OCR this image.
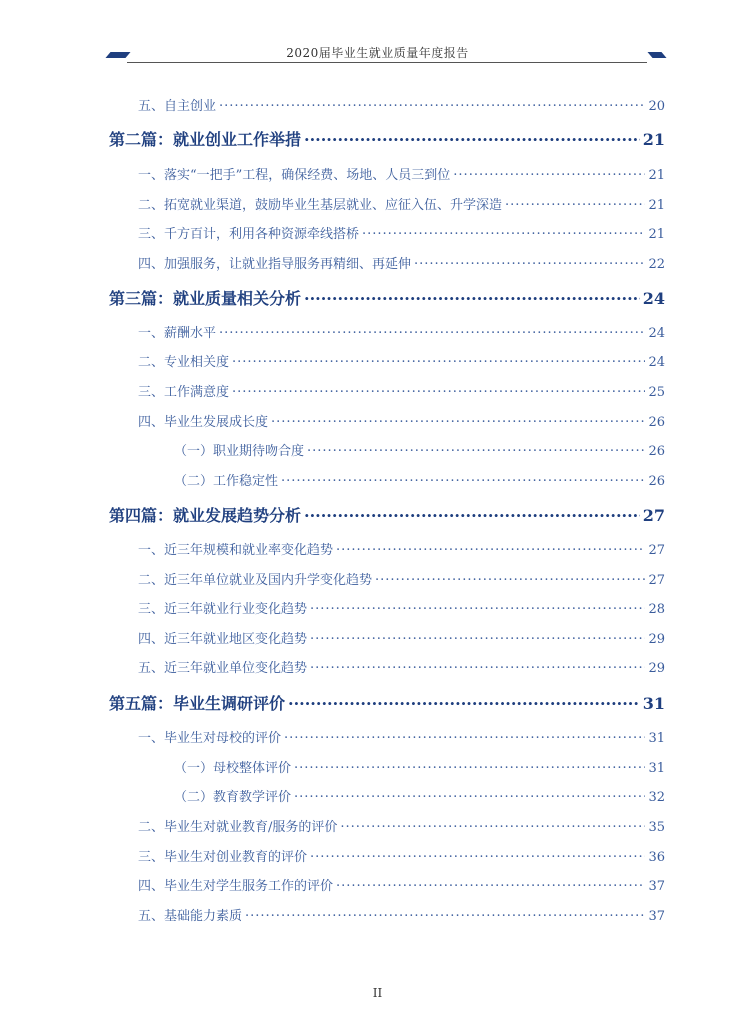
2020届毕业生就业质量年度报告
五、自主创业 .....	20
第二篇：就业创业工作举措 .....	21
一、落实“一把手”工程，确保经费、场地、人员三到位 .....	21
二、拓宽就业渠道，鼓励毕业生基层就业、应征入伍、升学深造 .....	21
三、千方百计，利用各种资源牵线搭桥 .....	21
四、加强服务，让就业指导服务再精细、再延伸 .....	22
第三篇：就业质量相关分析 .....	24
一、薪酬水平 .....	24
二、专业相关度 .....	24
三、工作满意度 .....	25
四、毕业生发展成长度 .....	26
（一）职业期待吻合度 .....	26
（二）工作稳定性 .....	26
第四篇：就业发展趋势分析 .....	27
一、近三年规模和就业率变化趋势 .....	27
二、近三年单位就业及国内升学变化趋势 .....	27
三、近三年就业行业变化趋势 .....	28
四、近三年就业地区变化趋势 .....	29
五、近三年就业单位变化趋势 .....	29
第五篇：毕业生调研评价 .....	31
一、毕业生对母校的评价 .....	31
（一）母校整体评价 .....	31
（二）教育教学评价 .....	32
二、毕业生对就业教育/服务的评价 .....	35
三、毕业生对创业教育的评价 .....	36
四、毕业生对学生服务工作的评价 .....	37
五、基础能力素质 .....	37
II
